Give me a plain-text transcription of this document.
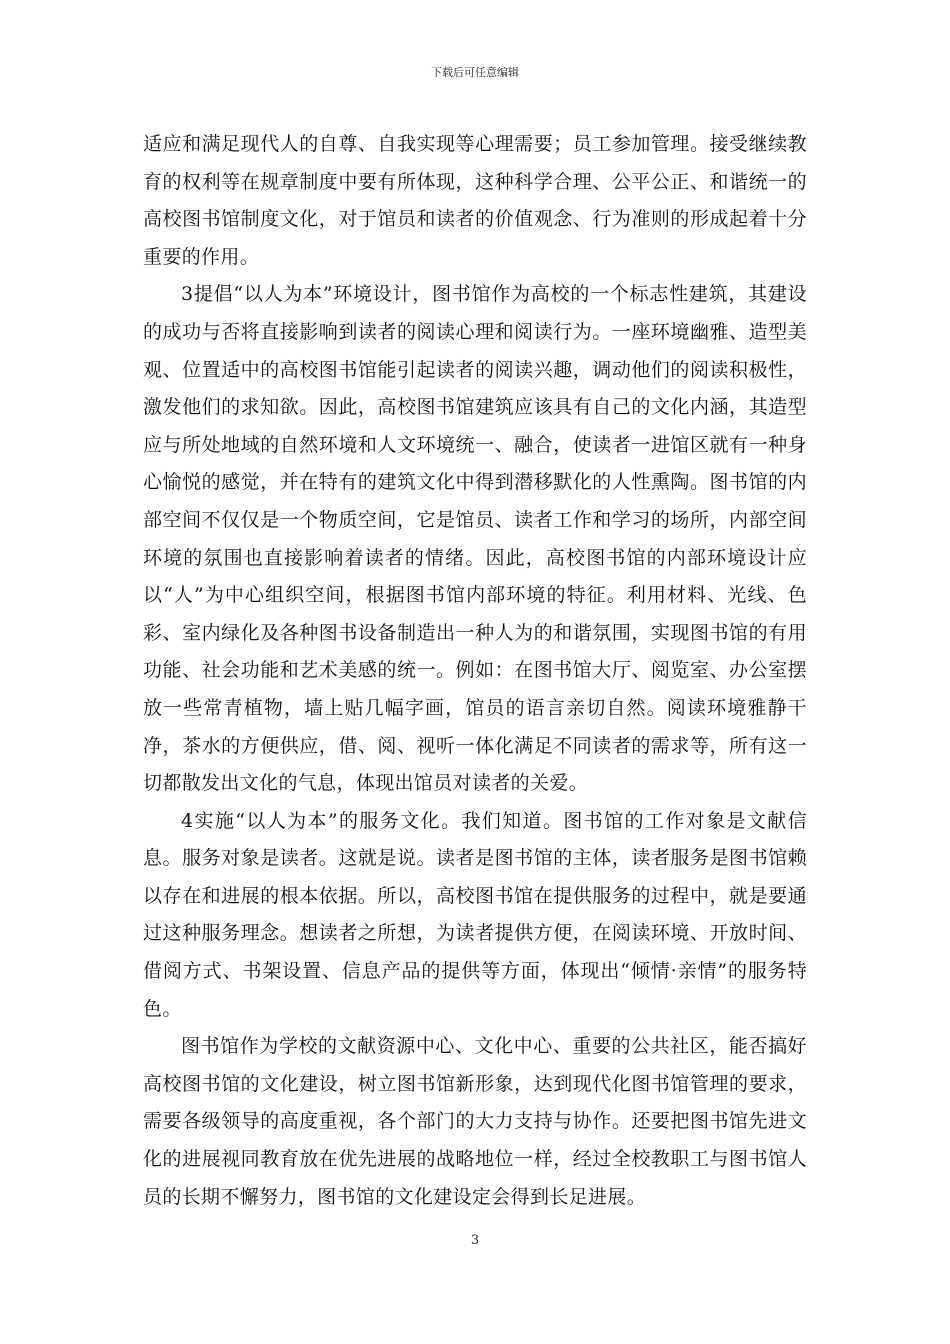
下载后可任意编辑

适应和满足现代人的自尊、自我实现等心理需要；员工参加管理。接受继续教育的权利等在规章制度中要有所体现，这种科学合理、公平公正、和谐统一的高校图书馆制度文化，对于馆员和读者的价值观念、行为准则的形成起着十分重要的作用。

3提倡“以人为本”环境设计，图书馆作为高校的一个标志性建筑，其建设的成功与否将直接影响到读者的阅读心理和阅读行为。一座环境幽雅、造型美观、位置适中的高校图书馆能引起读者的阅读兴趣，调动他们的阅读积极性，激发他们的求知欲。因此，高校图书馆建筑应该具有自己的文化内涵，其造型应与所处地域的自然环境和人文环境统一、融合，使读者一进馆区就有一种身心愉悦的感觉，并在特有的建筑文化中得到潜移默化的人性熏陶。图书馆的内部空间不仅仅是一个物质空间，它是馆员、读者工作和学习的场所，内部空间环境的氛围也直接影响着读者的情绪。因此，高校图书馆的内部环境设计应以“人”为中心组织空间，根据图书馆内部环境的特征。利用材料、光线、色彩、室内绿化及各种图书设备制造出一种人为的和谐氛围，实现图书馆的有用功能、社会功能和艺术美感的统一。例如：在图书馆大厅、阅览室、办公室摆放一些常青植物，墙上贴几幅字画，馆员的语言亲切自然。阅读环境雅静干净，茶水的方便供应，借、阅、视听一体化满足不同读者的需求等，所有这一切都散发出文化的气息，体现出馆员对读者的关爱。

4实施“以人为本”的服务文化。我们知道。图书馆的工作对象是文献信息。服务对象是读者。这就是说。读者是图书馆的主体，读者服务是图书馆赖以存在和进展的根本依据。所以，高校图书馆在提供服务的过程中，就是要通过这种服务理念。想读者之所想，为读者提供方便，在阅读环境、开放时间、借阅方式、书架设置、信息产品的提供等方面，体现出“倾情·亲情”的服务特色。

图书馆作为学校的文献资源中心、文化中心、重要的公共社区，能否搞好高校图书馆的文化建设，树立图书馆新形象，达到现代化图书馆管理的要求，需要各级领导的高度重视，各个部门的大力支持与协作。还要把图书馆先进文化的进展视同教育放在优先进展的战略地位一样，经过全校教职工与图书馆人员的长期不懈努力，图书馆的文化建设定会得到长足进展。

3
